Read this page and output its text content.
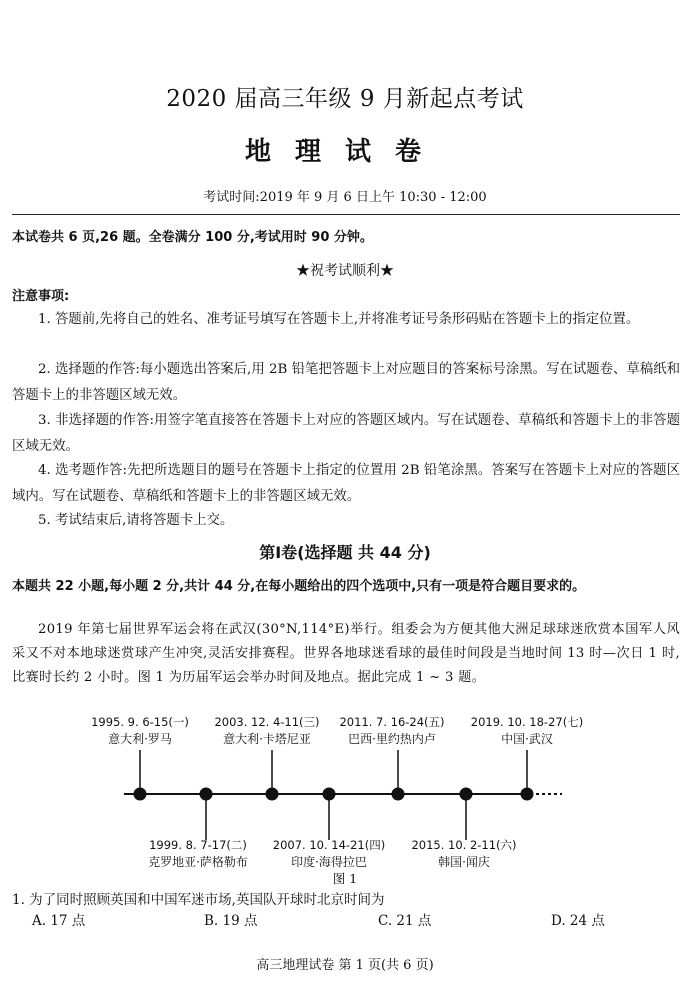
2020 届高三年级 9 月新起点考试
地理试卷
考试时间:2019 年 9 月 6 日上午 10:30 - 12:00
本试卷共 6 页,26 题。全卷满分 100 分,考试用时 90 分钟。
★祝考试顺利★
注意事项:
1. 答题前,先将自己的姓名、准考证号填写在答题卡上,并将准考证号条形码贴在答题卡上的指定位置。
2. 选择题的作答:每小题选出答案后,用 2B 铅笔把答题卡上对应题目的答案标号涂黑。写在试题卷、草稿纸和答题卡上的非答题区域无效。
3. 非选择题的作答:用签字笔直接答在答题卡上对应的答题区域内。写在试题卷、草稿纸和答题卡上的非答题区域无效。
4. 选考题作答:先把所选题目的题号在答题卡上指定的位置用 2B 铅笔涂黑。答案写在答题卡上对应的答题区域内。写在试题卷、草稿纸和答题卡上的非答题区域无效。
5. 考试结束后,请将答题卡上交。
第Ⅰ卷(选择题 共 44 分)
本题共 22 小题,每小题 2 分,共计 44 分,在每小题给出的四个选项中,只有一项是符合题目要求的。
2019 年第七届世界军运会将在武汉(30°N,114°E)举行。组委会为方便其他大洲足球球迷欣赏本国军人风采又不对本地球迷赏球产生冲突,灵活安排赛程。世界各地球迷看球的最佳时间段是当地时间 13 时—次日 1 时,比赛时长约 2 小时。图 1 为历届军运会举办时间及地点。据此完成 1 ~ 3 题。
1995. 9. 6-15(一)
意大利·罗马
2003. 12. 4-11(三)
意大利·卡塔尼亚
2011. 7. 16-24(五)
巴西·里约热内卢
2019. 10. 18-27(七)
中国·武汉
1999. 8. 7-17(二)
克罗地亚·萨格勒布
2007. 10. 14-21(四)
印度·海得拉巴
2015. 10. 2-11(六)
韩国·闻庆
图 1
1. 为了同时照顾英国和中国军迷市场,英国队开球时北京时间为
A. 17 点	B. 19 点	C. 21 点	D. 24 点
高三地理试卷 第 1 页(共 6 页)
